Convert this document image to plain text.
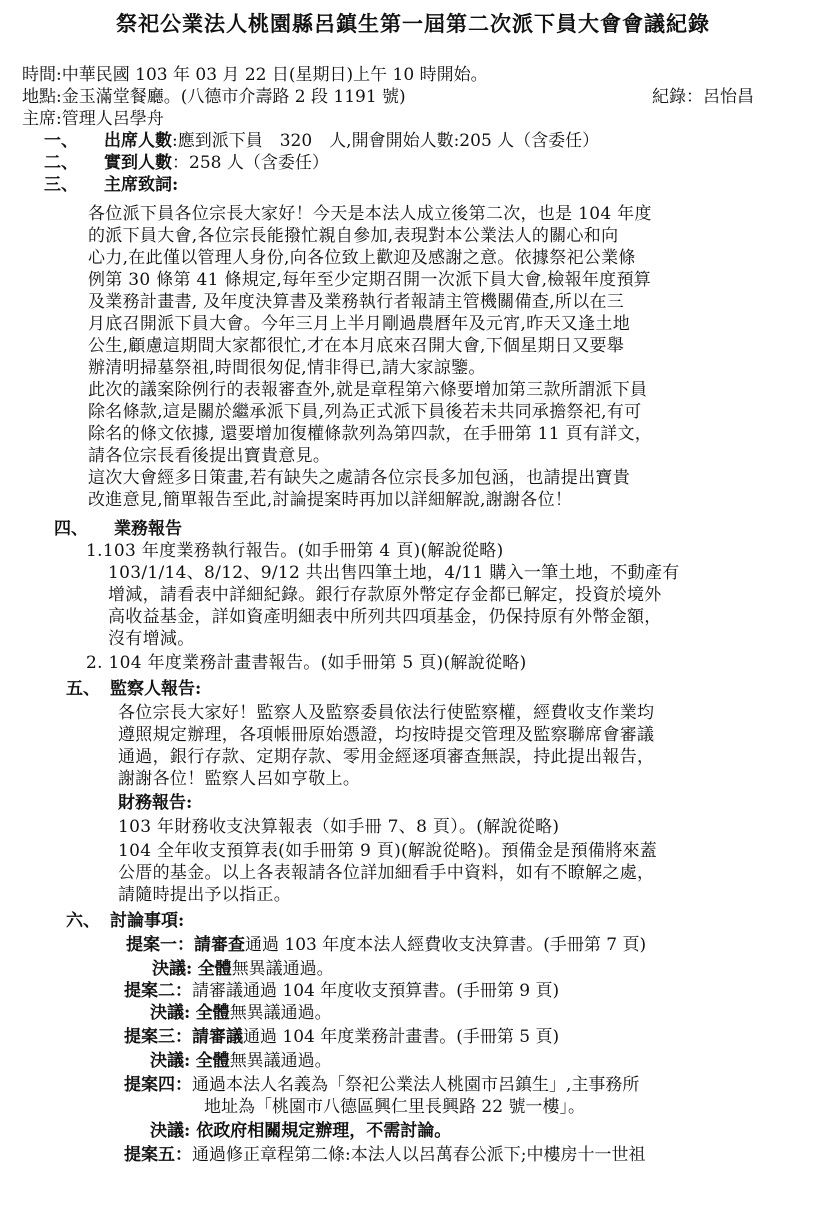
祭祀公業法人桃園縣呂鎮生第一屆第二次派下員大會會議紀錄
時間:中華民國 103 年 03 月 22 日(星期日)上午 10 時開始。
地點:金玉滿堂餐廳。(八德市介壽路 2 段 1191 號)	紀錄：呂怡昌
主席:管理人呂學舟
一、 出席人數:應到派下員　320　人,開會開始人數:205 人（含委任）
二、 實到人數：258 人（含委任）
三、 主席致詞:
各位派下員各位宗長大家好！今天是本法人成立後第二次，也是 104 年度
的派下員大會,各位宗長能撥忙親自參加,表現對本公業法人的關心和向
心力,在此僅以管理人身份,向各位致上歡迎及感謝之意。依據祭祀公業條
例第 30 條第 41 條規定,每年至少定期召開一次派下員大會,檢報年度預算
及業務計畫書, 及年度決算書及業務執行者報請主管機關備查,所以在三
月底召開派下員大會。今年三月上半月剛過農曆年及元宵,昨天又逢土地
公生,顧慮這期間大家都很忙,才在本月底來召開大會,下個星期日又要舉
辦清明掃墓祭祖,時間很匆促,情非得已,請大家諒鑒。
此次的議案除例行的表報審查外,就是章程第六條要增加第三款所謂派下員
除名條款,這是關於繼承派下員,列為正式派下員後若未共同承擔祭祀,有可
除名的條文依據, 還要增加復權條款列為第四款，在手冊第 11 頁有詳文，
請各位宗長看後提出寶貴意見。
這次大會經多日策畫,若有缺失之處請各位宗長多加包涵，也請提出寶貴
改進意見,簡單報告至此,討論提案時再加以詳細解說,謝謝各位！
四、 業務報告
1.103 年度業務執行報告。(如手冊第 4 頁)(解說從略)
103/1/14、8/12、9/12 共出售四筆土地，4/11 購入一筆土地，不動產有
增減，請看表中詳細紀錄。銀行存款原外幣定存金都已解定，投資於境外
高收益基金，詳如資產明細表中所列共四項基金，仍保持原有外幣金額，
沒有增減。
2. 104 年度業務計畫書報告。(如手冊第 5 頁)(解說從略)
五、 監察人報告:
各位宗長大家好！監察人及監察委員依法行使監察權，經費收支作業均
遵照規定辦理，各項帳冊原始憑證，均按時提交管理及監察聯席會審議
通過，銀行存款、定期存款、零用金經逐項審查無誤，持此提出報告，
謝謝各位！監察人呂如亨敬上。
財務報告:
103 年財務收支決算報表（如手冊 7、8 頁）。(解說從略)
104 全年收支預算表(如手冊第 9 頁)(解說從略)。預備金是預備將來蓋
公厝的基金。以上各表報請各位詳加細看手中資料，如有不瞭解之處，
請隨時提出予以指正。
六、 討論事項:
提案一：請審查通過 103 年度本法人經費收支決算書。(手冊第 7 頁)
決議: 全體無異議通過。
提案二：請審議通過 104 年度收支預算書。(手冊第 9 頁)
決議: 全體無異議通過。
提案三：請審議通過 104 年度業務計畫書。(手冊第 5 頁)
決議: 全體無異議通過。
提案四：通過本法人名義為「祭祀公業法人桃園市呂鎮生」,主事務所
地址為「桃園市八德區興仁里長興路 22 號一樓」。
決議: 依政府相關規定辦理，不需討論。
提案五：通過修正章程第二條:本法人以呂萬春公派下;中樓房十一世祖
